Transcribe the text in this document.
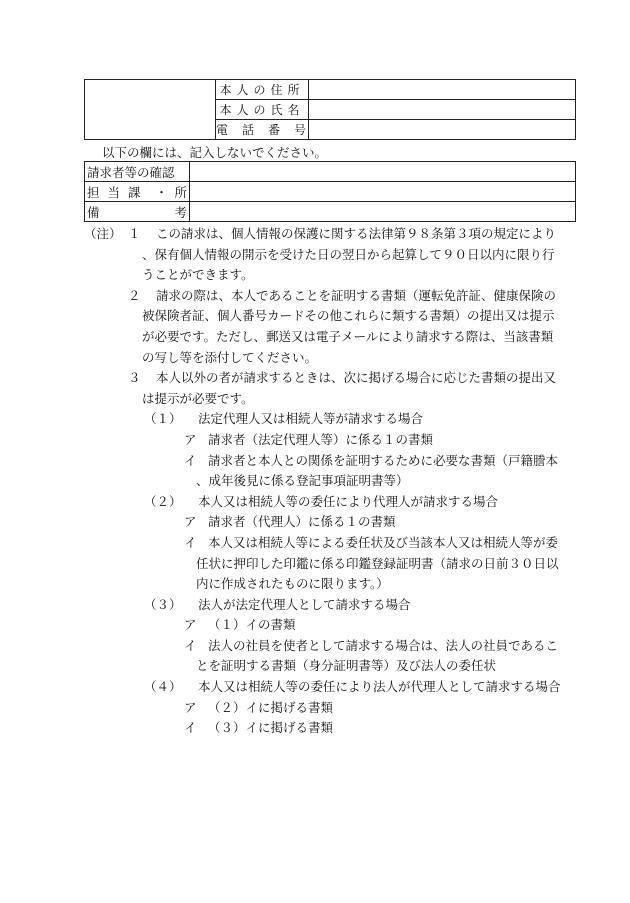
	本人の住所	
	本人の氏名	
	電話番号	
以下の欄には、記入しないでください。
請求者等の確認	

担当課 ・ 所	

備 考	

（注） １ この請求は、個人情報の保護に関する法律第９８条第３項の規定により
、保有個人情報の開示を受けた日の翌日から起算して９０日以内に限り行
うことができます。
２ 請求の際は、本人であることを証明する書類（運転免許証、健康保険の
被保険者証、個人番号カードその他これらに類する書類）の提出又は提示
が必要です。ただし、郵送又は電子メールにより請求する際は、当該書類
の写し等を添付してください。
３ 本人以外の者が請求するときは、次に掲げる場合に応じた書類の提出又
は提示が必要です。
（１） 法定代理人又は相続人等が請求する場合
ア 請求者（法定代理人等）に係る１の書類
イ 請求者と本人との関係を証明するために必要な書類（戸籍謄本
、成年後見に係る登記事項証明書等）
（２） 本人又は相続人等の委任により代理人が請求する場合
ア 請求者（代理人）に係る１の書類
イ 本人又は相続人等による委任状及び当該本人又は相続人等が委
任状に押印した印鑑に係る印鑑登録証明書（請求の日前３０日以
内に作成されたものに限ります。）
（３） 法人が法定代理人として請求する場合
ア （１）イの書類
イ 法人の社員を使者として請求する場合は、法人の社員であるこ
とを証明する書類（身分証明書等）及び法人の委任状
（４） 本人又は相続人等の委任により法人が代理人として請求する場合
ア （２）イに掲げる書類
イ （３）イに掲げる書類
